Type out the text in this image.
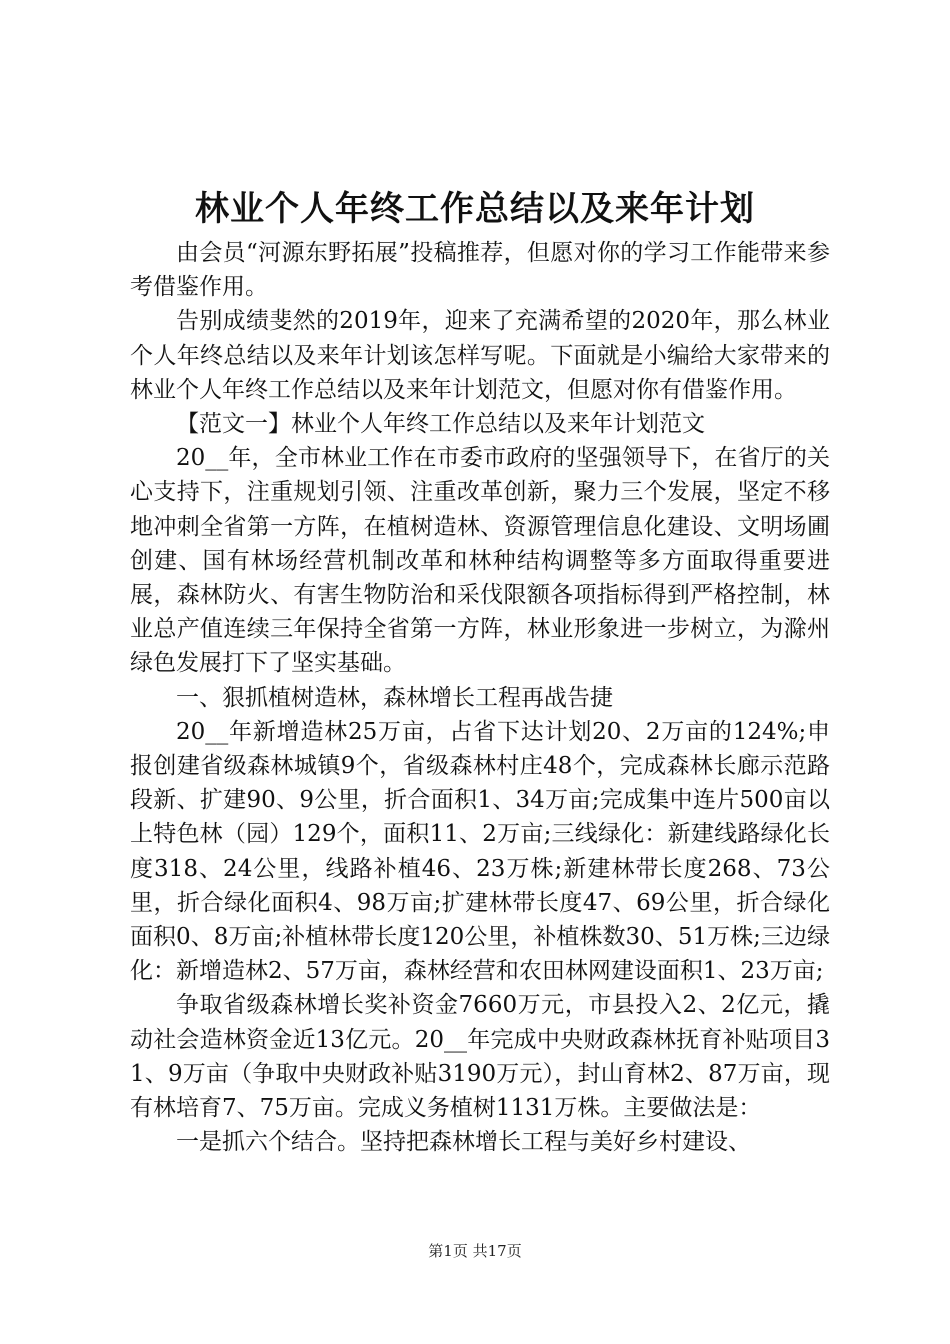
林业个人年终工作总结以及来年计划

由会员“河源东野拓展”投稿推荐，但愿对你的学习工作能带来参考借鉴作用。

告别成绩斐然的2019年，迎来了充满希望的2020年，那么林业个人年终总结以及来年计划该怎样写呢。下面就是小编给大家带来的林业个人年终工作总结以及来年计划范文，但愿对你有借鉴作用。

【范文一】林业个人年终工作总结以及来年计划范文

20__年，全市林业工作在市委市政府的坚强领导下，在省厅的关心支持下，注重规划引领、注重改革创新，聚力三个发展，坚定不移地冲刺全省第一方阵，在植树造林、资源管理信息化建设、文明场圃创建、国有林场经营机制改革和林种结构调整等多方面取得重要进展，森林防火、有害生物防治和采伐限额各项指标得到严格控制，林业总产值连续三年保持全省第一方阵，林业形象进一步树立，为滁州绿色发展打下了坚实基础。

一、狠抓植树造林，森林增长工程再战告捷

20__年新增造林25万亩，占省下达计划20、2万亩的124%;申报创建省级森林城镇9个，省级森林村庄48个，完成森林长廊示范路段新、扩建90、9公里，折合面积1、34万亩;完成集中连片500亩以上特色林（园）129个，面积11、2万亩;三线绿化：新建线路绿化长度318、24公里，线路补植46、23万株;新建林带长度268、73公里，折合绿化面积4、98万亩;扩建林带长度47、69公里，折合绿化面积0、8万亩;补植林带长度120公里，补植株数30、51万株;三边绿化：新增造林2、57万亩，森林经营和农田林网建设面积1、23万亩;

争取省级森林增长奖补资金7660万元，市县投入2、2亿元，撬动社会造林资金近13亿元。20__年完成中央财政森林抚育补贴项目31、9万亩（争取中央财政补贴3190万元），封山育林2、87万亩，现有林培育7、75万亩。完成义务植树1131万株。主要做法是：

一是抓六个结合。坚持把森林增长工程与美好乡村建设、

第1页 共17页
